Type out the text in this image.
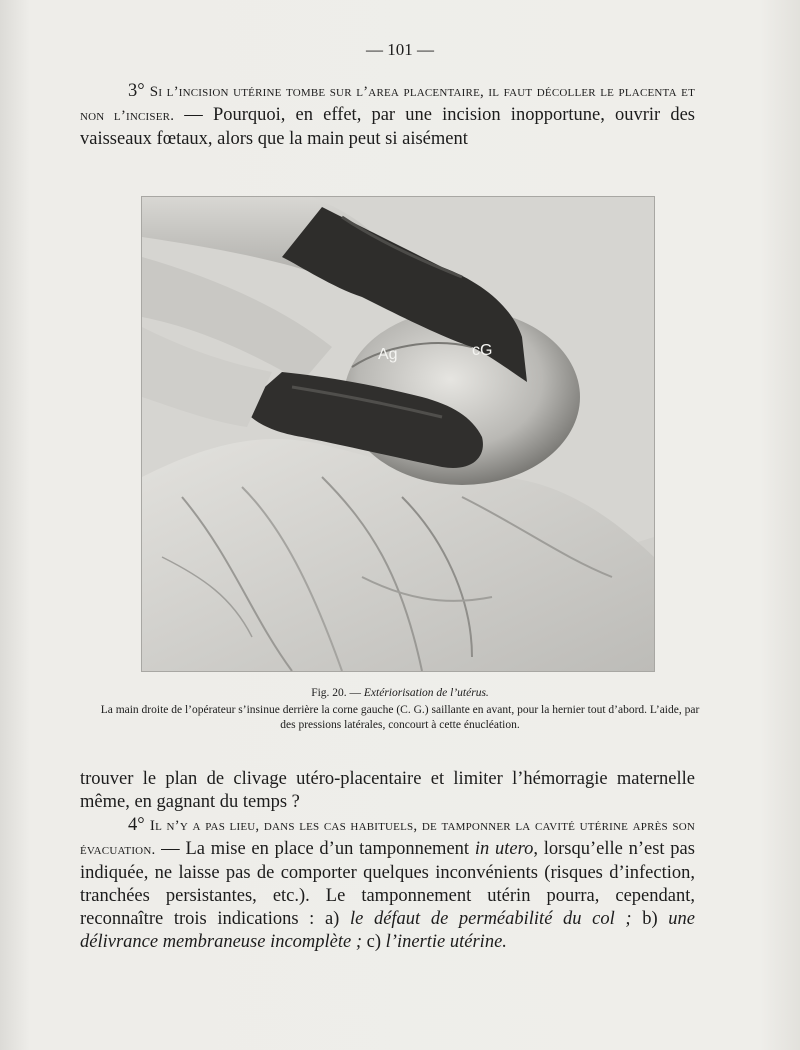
— 101 —

3° Si l’incision utérine tombe sur l’area placentaire, il faut décoller le placenta et non l’inciser. — Pourquoi, en effet, par une incision inopportune, ouvrir des vaisseaux fœtaux, alors que la main peut si aisément

Ag	cG

Fig. 20. — Extériorisation de l’utérus.

La main droite de l’opérateur s’insinue derrière la corne gauche (C. G.) saillante en avant, pour la hernier tout d’abord. L’aide, par des pressions latérales, concourt à cette énucléation.

trouver le plan de clivage utéro-placentaire et limiter l’hémorragie maternelle même, en gagnant du temps ?

4° Il n’y a pas lieu, dans les cas habituels, de tamponner la cavité utérine après son évacuation. — La mise en place d’un tamponnement in utero, lorsqu’elle n’est pas indiquée, ne laisse pas de comporter quelques inconvénients (risques d’infection, tranchées persistantes, etc.). Le tamponnement utérin pourra, cependant, reconnaître trois indications : a) le défaut de perméabilité du col ; b) une délivrance membraneuse incomplète ; c) l’inertie utérine.
